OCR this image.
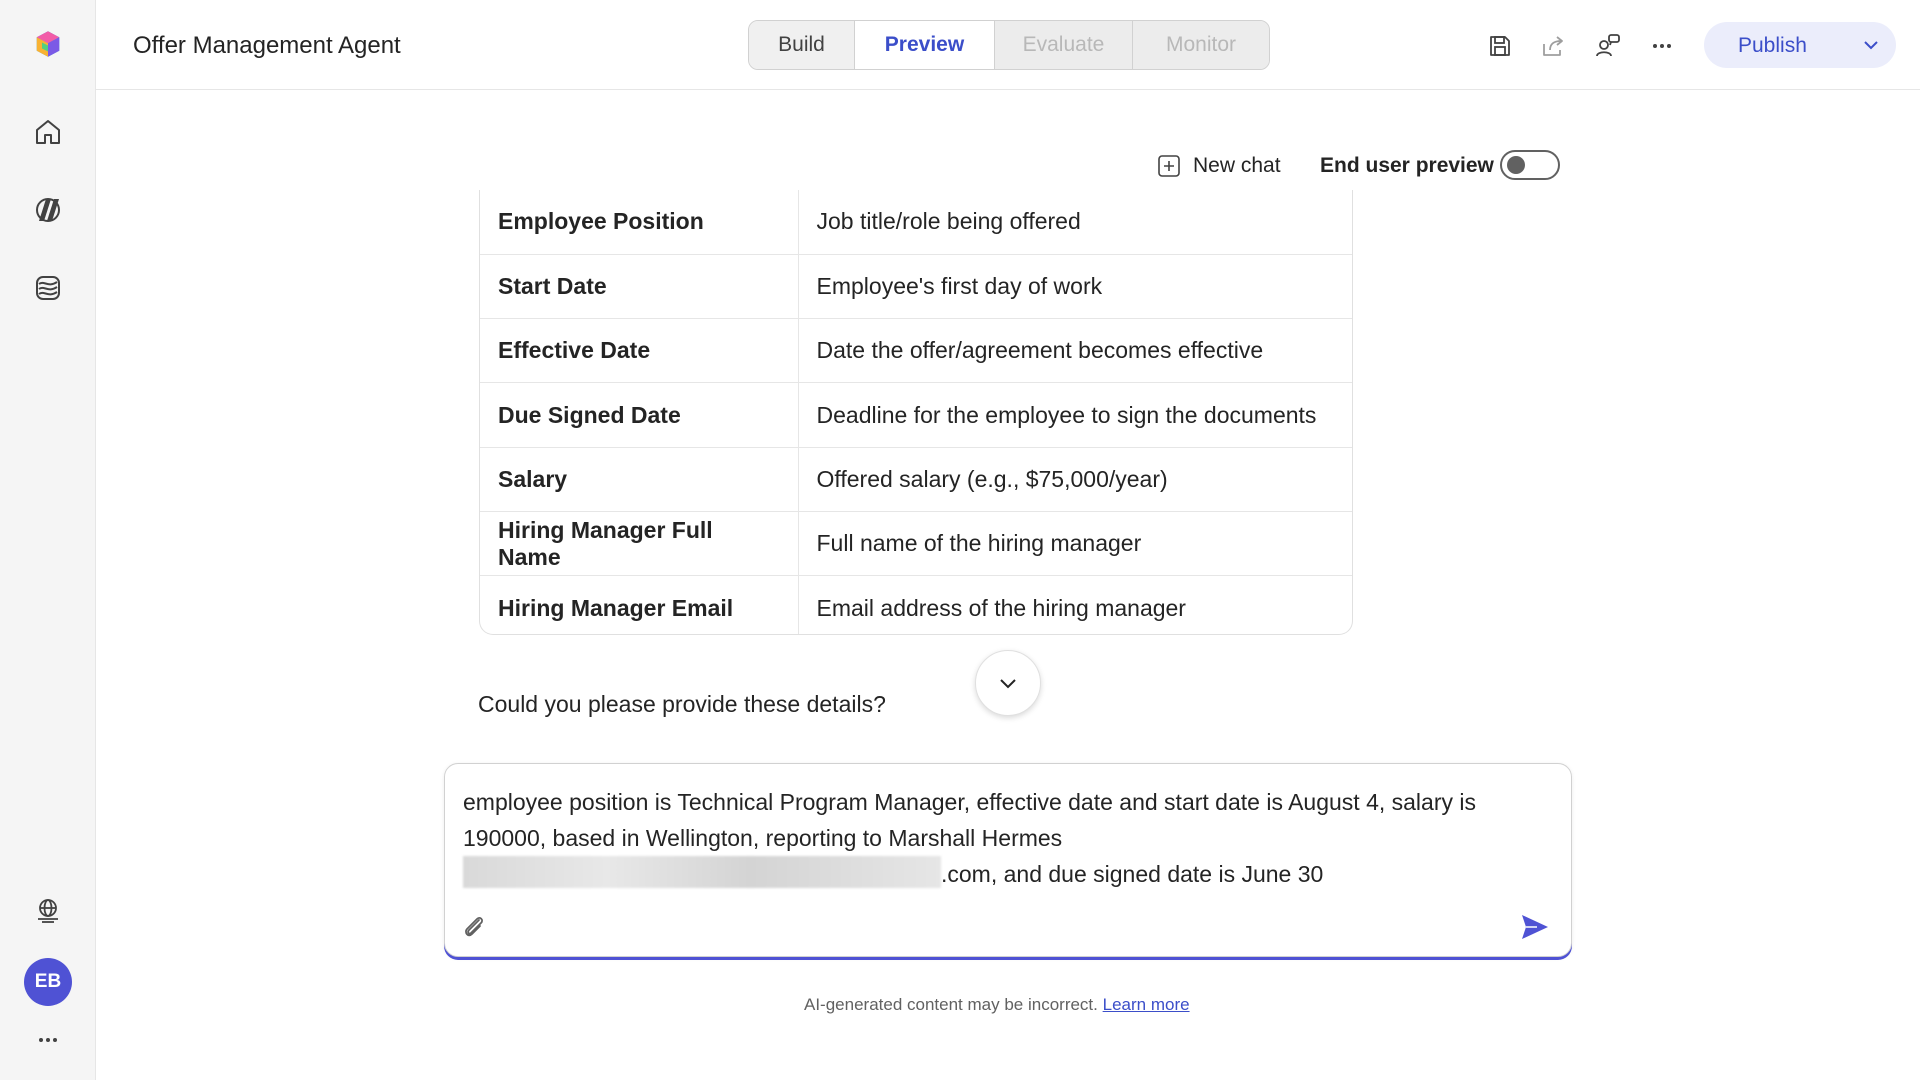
EB
Offer Management Agent	Build	Preview	Evaluate	Monitor	Publish
New chat End user preview
Employee Position	Job title/role being offered
Start Date	Employee's first day of work
Effective Date	Date the offer/agreement becomes effective
Due Signed Date	Deadline for the employee to sign the documents
Salary	Offered salary (e.g., $75,000/year)
Hiring Manager Full Name	Full name of the hiring manager
Hiring Manager Email	Email address of the hiring manager
Could you please provide these details?
employee position is Technical Program Manager, effective date and start date is August 4, salary is
190000, based in Wellington, reporting to Marshall Hermes
.com, and due signed date is June 30
AI-generated content may be incorrect. Learn more
